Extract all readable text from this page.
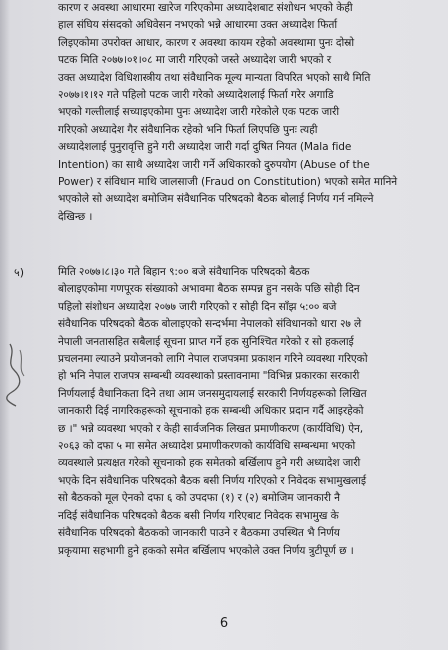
कारण र अवस्था आधारमा खारेज गरिएकोमा अध्यादेशबाट संशोधन भएको केही
हाल संघिय संसदको अधिवेसन नभएको भन्ने आधारमा उक्त अध्यादेश फिर्ता
लिइएकोमा उपरोक्त आधार, कारण र अवस्था कायम रहेको अवस्थामा पुनः दोस्रो
पटक मिति २०७७।०१।०८ मा जारी गरिएको जस्ते अध्यादेश जारी भएको र
उक्त अध्यादेश विधिशास्त्रीय तथा संवैधानिक मूल्य मान्यता विपरित भएको साथै मिति
२०७७।१।१२ गते पहिलो पटक जारी गरेको अध्यादेशलाई फिर्ता गरेर अगाडि
भएको गल्तीलाई सच्याइएकोमा पुनः अध्यादेश जारी गरेकोले एक पटक जारी
गरिएको अध्यादेश गैर संवैधानिक रहेको भनि फिर्ता लिएपछि पुनः त्यही
अध्यादेशलाई पुनुरावृत्ति हुने गरी अध्यादेश जारी गर्दा दुषित नियत (Mala fide
Intention) का साथै अध्यादेश जारी गर्ने अधिकारको दुरुपयोग (Abuse of the
Power) र संविधान माथि जालसाजी (Fraud on Constitution) भएको समेत मानिने
भएकोले सो अध्यादेश बमोजिम संवैधानिक परिषदको बैठक बोलाई निर्णय गर्न नमिल्ने
देखिन्छ ।
५)	मिति २०७७।८।३० गते बिहान ९:०० बजे संवैधानिक परिषदको बैठक
बोलाइएकोमा गणपूरक संख्याको अभावमा बैठक सम्पन्न हुन नसके पछि सोही दिन
पहिलो संशोधन अध्यादेश २०७७ जारी गरिएको र सोही दिन साँझ ५:०० बजे
संवैधानिक परिषदको बैठक बोलाइएको सन्दर्भमा नेपालको संविधानको धारा २७ ले
नेपाली जनतासहित सबैलाई सूचना प्राप्त गर्ने हक सुनिश्चित गरेको र सो हकलाई
प्रचलनमा ल्याउने प्रयोजनको लागि नेपाल राजपत्रमा प्रकाशन गरिने व्यवस्था गरिएको
हो भनि नेपाल राजपत्र सम्बन्धी व्यवस्थाको प्रस्तावनामा "विभिन्न प्रकारका सरकारी
निर्णयलाई वैधानिकता दिने तथा आम जनसमुदायलाई सरकारी निर्णयहरूको लिखित
जानकारी दिई नागरिकहरूको सूचनाको हक सम्बन्धी अधिकार प्रदान गर्दै आइरहेको
छ ।" भन्ने व्यवस्था भएको र केही सार्वजनिक लिखत प्रमाणीकरण (कार्यविधि) ऐन,
२०६३ को दफा ५ मा समेत अध्यादेश प्रमाणीकरणको कार्यविधि सम्बन्धमा भएको
व्यवस्थाले प्रत्यक्षत गरेको सूचनाको हक समेतको बर्खिलाप हुने गरी अध्यादेश जारी
भएके दिन संवैधानिक परिषदको बैठक बसी निर्णय गरिएको र निवेदक सभामुखलाई
सो बैठकको मूल ऐनको दफा ६ को उपदफा (१) र (२) बमोजिम जानकारी नै
नदिई संवैधानिक परिषदको बैठक बसी निर्णय गरिएबाट निवेदक सभामुख के
संवैधानिक परिषदको बैठकको जानकारी पाउने र बैठकमा उपस्थित भै निर्णय
प्रकृयामा सहभागी हुने हकको समेत बर्खिलाप भएकोले उक्त निर्णय त्रुटीपूर्ण छ ।
6
